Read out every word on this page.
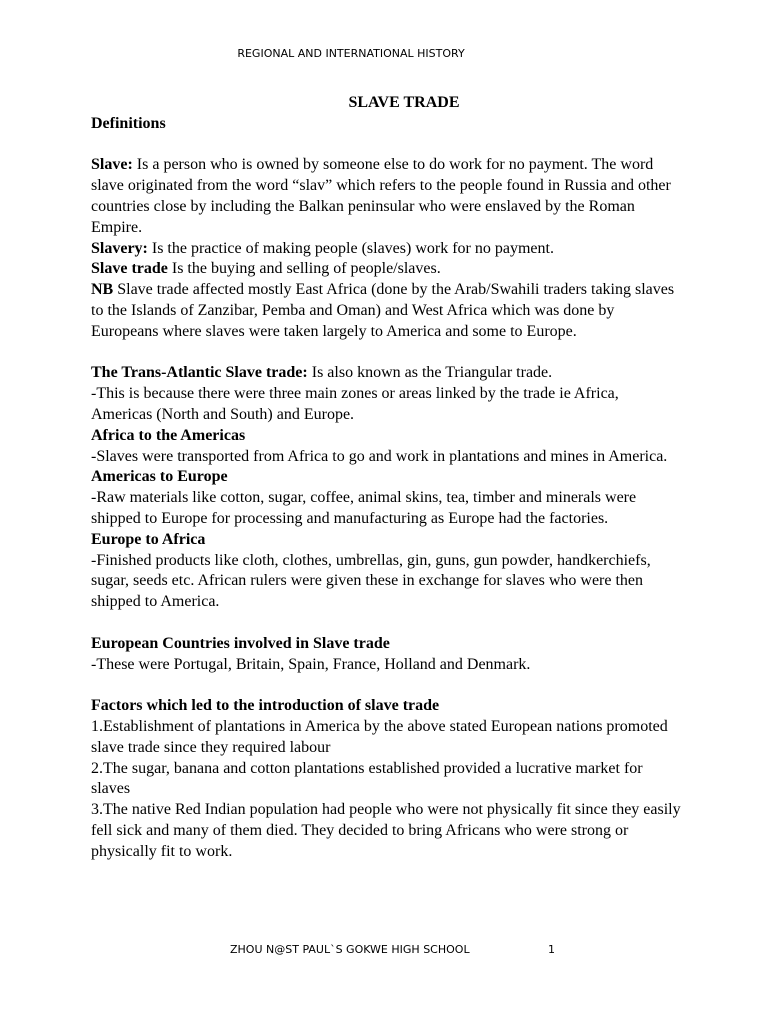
REGIONAL AND INTERNATIONAL HISTORY

SLAVE TRADE

Definitions

Slave: Is a person who is owned by someone else to do work for no payment. The word slave originated from the word “slav” which refers to the people found in Russia and other countries close by including the Balkan peninsular who were enslaved by the Roman Empire.

Slavery: Is the practice of making people (slaves) work for no payment.

Slave trade Is the buying and selling of people/slaves.

NB Slave trade affected mostly East Africa (done by the Arab/Swahili traders taking slaves to the Islands of Zanzibar, Pemba and Oman) and West Africa which was done by Europeans where slaves were taken largely to America and some to Europe.

The Trans-Atlantic Slave trade: Is also known as the Triangular trade.

-This is because there were three main zones or areas linked by the trade ie Africa, Americas (North and South) and Europe.

Africa to the Americas

-Slaves were transported from Africa to go and work in plantations and mines in America.

Americas to Europe

-Raw materials like cotton, sugar, coffee, animal skins, tea, timber and minerals were shipped to Europe for processing and manufacturing as Europe had the factories.

Europe to Africa

-Finished products like cloth, clothes, umbrellas, gin, guns, gun powder, handkerchiefs, sugar, seeds etc. African rulers were given these in exchange for slaves who were then shipped to America.

European Countries involved in Slave trade

-These were Portugal, Britain, Spain, France, Holland and Denmark.

Factors which led to the introduction of slave trade

1.Establishment of plantations in America by the above stated European nations promoted slave trade since they required labour

2.The sugar, banana and cotton plantations established provided a lucrative market for slaves

3.The native Red Indian population had people who were not physically fit since they easily fell sick and many of them died. They decided to bring Africans who were strong or physically fit to work.

ZHOU N@ST PAUL`S GOKWE HIGH SCHOOL	1
